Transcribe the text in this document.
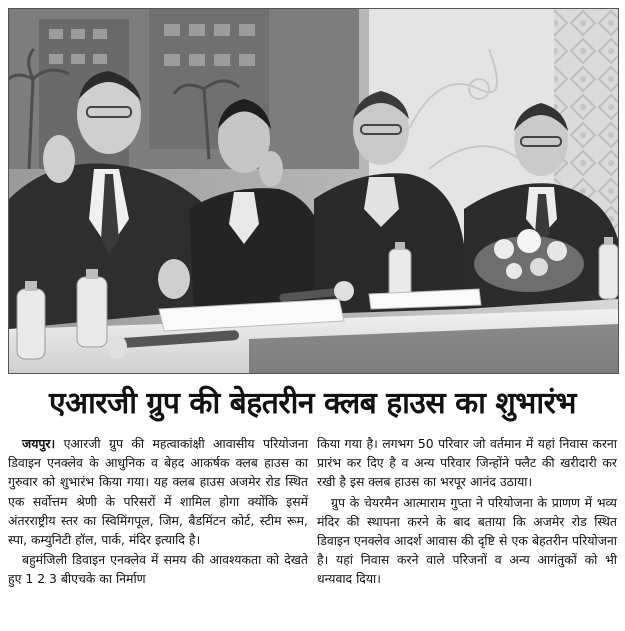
एआरजी ग्रुप की बेहतरीन क्लब हाउस का शुभारंभ

जयपुर। एआरजी ग्रुप की महत्वाकांक्षी आवासीय परियोजना डिवाइन एनक्लेव के आधुनिक व बेहद आकर्षक क्लब हाउस का गुरुवार को शुभारंभ किया गया। यह क्लब हाउस अजमेर रोड स्थित एक सर्वोत्तम श्रेणी के परिसरों में शामिल होगा क्योंकि इसमें अंतरराष्ट्रीय स्तर का स्विमिंगपूल, जिम, बैडमिंटन कोर्ट, स्टीम रूम, स्पा, कम्युनिटी हॉल, पार्क, मंदिर इत्यादि है।

बहुमंजिली डिवाइन एनक्लेव में समय की आवश्यकता को देखते हुए 1 2 3 बीएचके का निर्माण

किया गया है। लगभग 50 परिवार जो वर्तमान में यहां निवास करना प्रारंभ कर दिए है व अन्य परिवार जिन्होंने फ्लैट की खरीदारी कर रखी है इस क्लब हाउस का भरपूर आनंद उठाया।

ग्रुप के चेयरमैन आत्माराम गुप्ता ने परियोजना के प्राणण में भव्य मंदिर की स्थापना करने के बाद बताया कि अजमेर रोड स्थित डिवाइन एनक्लेव आदर्श आवास की दृष्टि से एक बेहतरीन परियोजना है। यहां निवास करने वाले परिजनों व अन्य आगंतुकों को भी धन्यवाद दिया।
